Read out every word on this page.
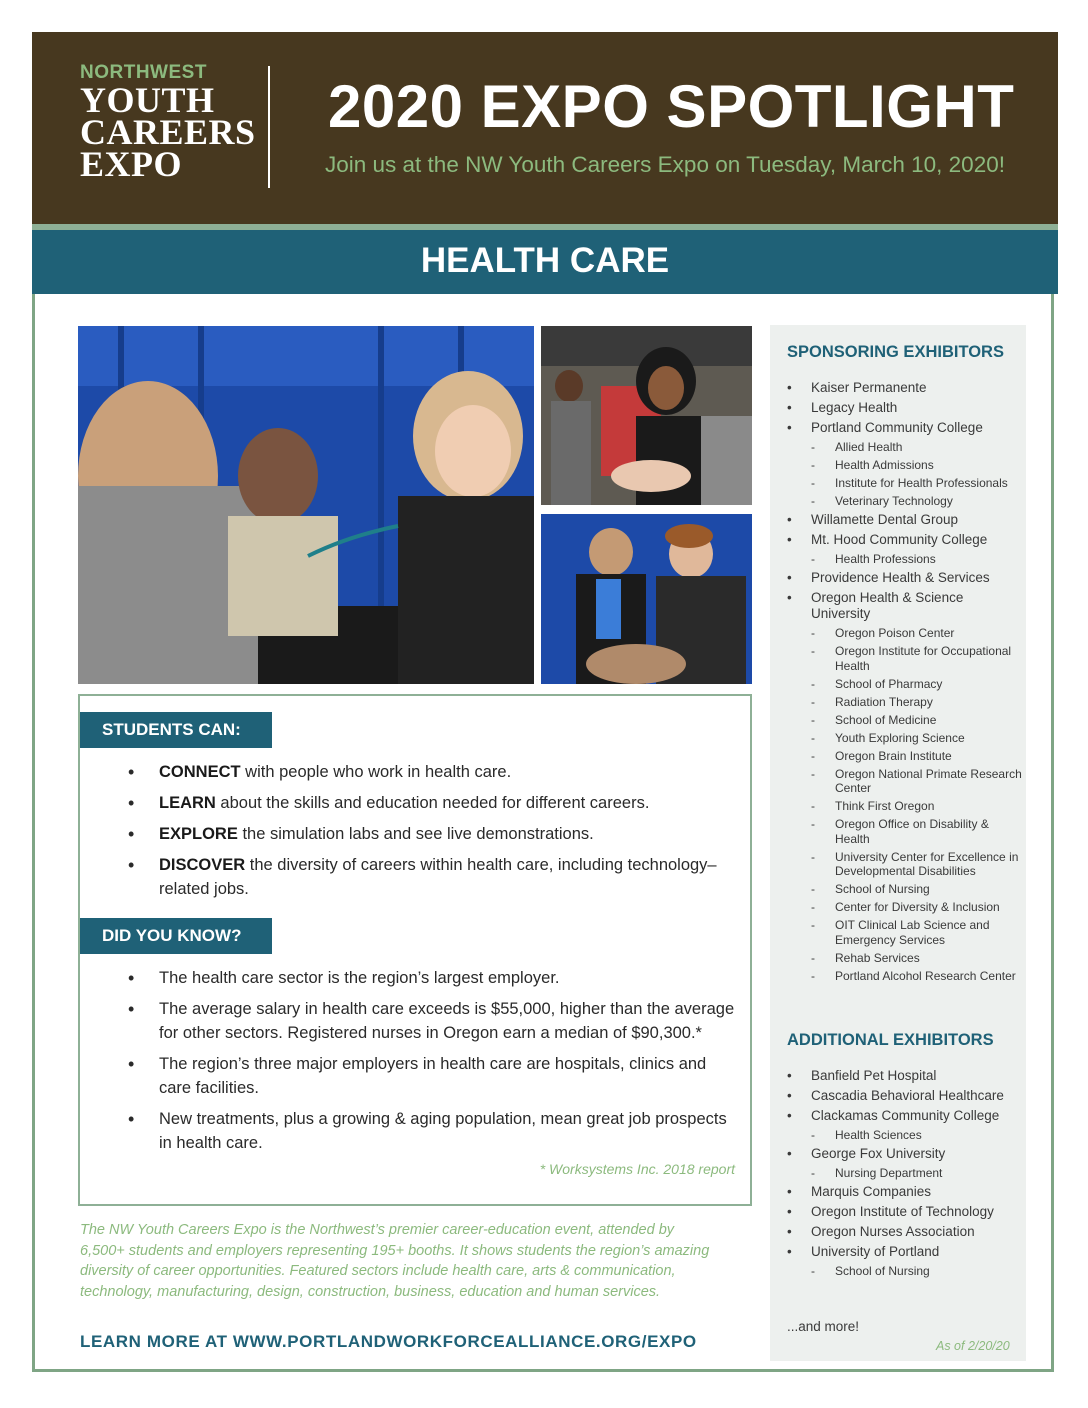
NORTHWEST
YOUTH
CAREERS
EXPO
2020 EXPO SPOTLIGHT
Join us at the NW Youth Careers Expo on Tuesday, March 10, 2020!
HEALTH CARE
STUDENTS CAN:
• CONNECT with people who work in health care.
• LEARN about the skills and education needed for different careers.
• EXPLORE the simulation labs and see live demonstrations.
• DISCOVER the diversity of careers within health care, including technology–related jobs.
DID YOU KNOW?
• The health care sector is the region’s largest employer.
• The average salary in health care exceeds is $55,000, higher than the average for other sectors. Registered nurses in Oregon earn a median of $90,300.*
• The region’s three major employers in health care are hospitals, clinics and care facilities.
• New treatments, plus a growing & aging population, mean great job prospects in health care.
* Worksystems Inc. 2018 report
The NW Youth Careers Expo is the Northwest’s premier career-education event, attended by 6,500+ students and employers representing 195+ booths. It shows students the region’s amazing diversity of career opportunities. Featured sectors include health care, arts & communication, technology, manufacturing, design, construction, business, education and human services.
LEARN MORE AT WWW.PORTLANDWORKFORCEALLIANCE.ORG/EXPO
SPONSORING EXHIBITORS
• Kaiser Permanente
• Legacy Health
• Portland Community College
- Allied Health
- Health Admissions
- Institute for Health Professionals
- Veterinary Technology
• Willamette Dental Group
• Mt. Hood Community College
- Health Professions
• Providence Health & Services
• Oregon Health & Science University
- Oregon Poison Center
- Oregon Institute for Occupational Health
- School of Pharmacy
- Radiation Therapy
- School of Medicine
- Youth Exploring Science
- Oregon Brain Institute
- Oregon National Primate Research Center
- Think First Oregon
- Oregon Office on Disability & Health
- University Center for Excellence in Developmental Disabilities
- School of Nursing
- Center for Diversity & Inclusion
- OIT Clinical Lab Science and Emergency Services
- Rehab Services
- Portland Alcohol Research Center
ADDITIONAL EXHIBITORS
• Banfield Pet Hospital
• Cascadia Behavioral Healthcare
• Clackamas Community College
- Health Sciences
• George Fox University
- Nursing Department
• Marquis Companies
• Oregon Institute of Technology
• Oregon Nurses Association
• University of Portland
- School of Nursing
...and more!
As of 2/20/20
